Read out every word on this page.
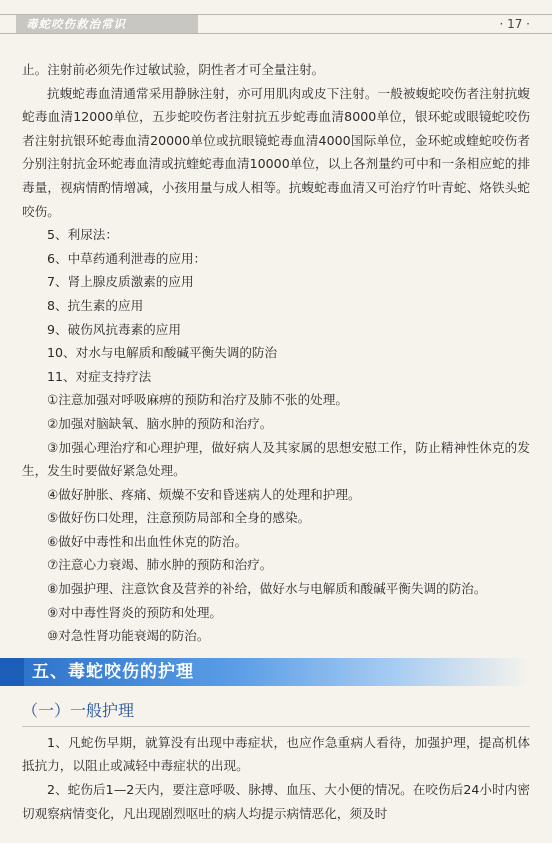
毒蛇咬伤救治常识	· 17 ·

止。注射前必须先作过敏试验，阴性者才可全量注射。

抗蝮蛇毒血清通常采用静脉注射，亦可用肌肉或皮下注射。一般被蝮蛇咬伤者注射抗蝮蛇毒血清12000单位，五步蛇咬伤者注射抗五步蛇毒血清8000单位，银环蛇或眼镜蛇咬伤者注射抗银环蛇毒血清20000单位或抗眼镜蛇毒血清4000国际单位，金环蛇或蝰蛇咬伤者分别注射抗金环蛇毒血清或抗蝰蛇毒血清10000单位，以上各剂量约可中和一条相应蛇的排毒量，视病情酌情增减，小孩用量与成人相等。抗蝮蛇毒血清又可治疗竹叶青蛇、烙铁头蛇咬伤。

5、利尿法：

6、中草药通利泄毒的应用：

7、肾上腺皮质激素的应用

8、抗生素的应用

9、破伤风抗毒素的应用

10、对水与电解质和酸碱平衡失调的防治

11、对症支持疗法

①注意加强对呼吸麻痹的预防和治疗及肺不张的处理。

②加强对脑缺氧、脑水肿的预防和治疗。

③加强心理治疗和心理护理，做好病人及其家属的思想安慰工作，防止精神性休克的发生，发生时要做好紧急处理。

④做好肿胀、疼痛、烦燥不安和昏迷病人的处理和护理。

⑤做好伤口处理，注意预防局部和全身的感染。

⑥做好中毒性和出血性休克的防治。

⑦注意心力衰竭、肺水肿的预防和治疗。

⑧加强护理、注意饮食及营养的补给，做好水与电解质和酸碱平衡失调的防治。

⑨对中毒性肾炎的预防和处理。

⑩对急性肾功能衰竭的防治。

五、毒蛇咬伤的护理
（一）一般护理

1、凡蛇伤早期，就算没有出现中毒症状，也应作急重病人看待，加强护理，提高机体抵抗力，以阻止或减轻中毒症状的出现。

2、蛇伤后1—2天内，要注意呼吸、脉搏、血压、大小便的情况。在咬伤后24小时内密切观察病情变化，凡出现剧烈呕吐的病人均提示病情恶化，须及时
